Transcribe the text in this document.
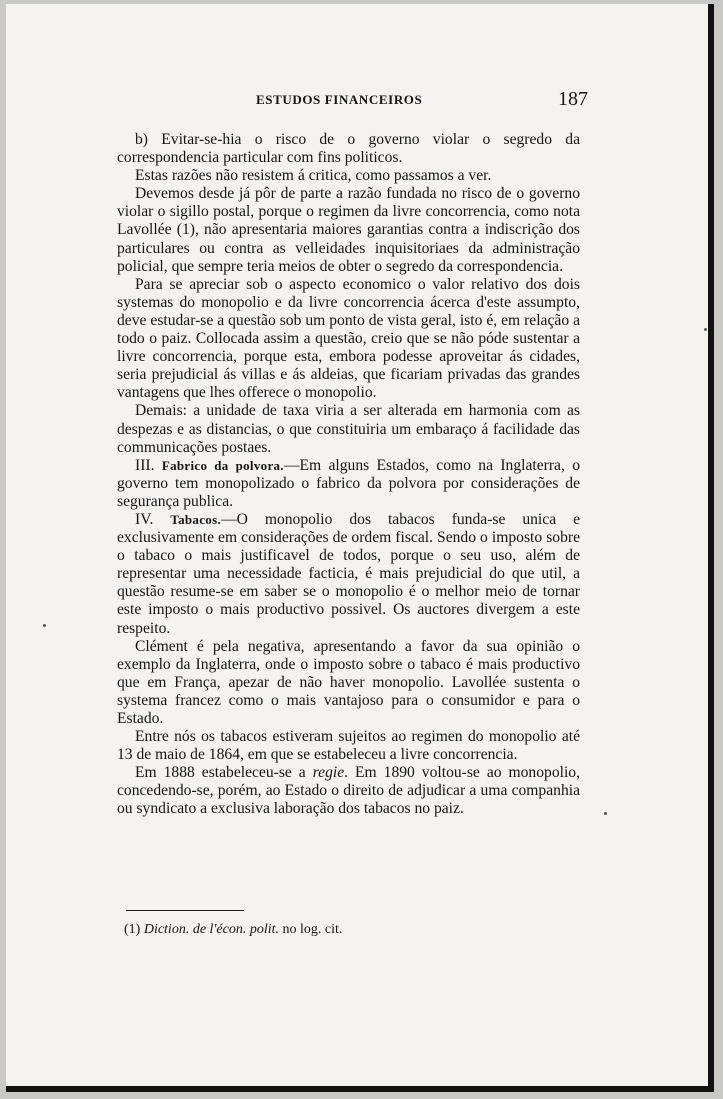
ESTUDOS FINANCEIROS	187

b) Evitar-se-hia o risco de o governo violar o segredo da correspondencia particular com fins politicos.

Estas razões não resistem á critica, como passamos a ver.

Devemos desde já pôr de parte a razão fundada no risco de o governo violar o sigillo postal, porque o regimen da livre concorrencia, como nota Lavollée (1), não apresentaria maiores garantias contra a indiscrição dos particulares ou contra as velleidades inquisitoriaes da administração policial, que sempre teria meios de obter o segredo da correspondencia.

Para se apreciar sob o aspecto economico o valor relativo dos dois systemas do monopolio e da livre concorrencia ácerca d'este assumpto, deve estudar-se a questão sob um ponto de vista geral, isto é, em relação a todo o paiz. Collocada assim a questão, creio que se não póde sustentar a livre concorrencia, porque esta, embora podesse aproveitar ás cidades, seria prejudicial ás villas e ás aldeias, que ficariam privadas das grandes vantagens que lhes offerece o monopolio.

Demais: a unidade de taxa viria a ser alterada em harmonia com as despezas e as distancias, o que constituiria um embaraço á facilidade das communicações postaes.

III. Fabrico da polvora.—Em alguns Estados, como na Inglaterra, o governo tem monopolizado o fabrico da polvora por considerações de segurança publica.

IV. Tabacos.—O monopolio dos tabacos funda-se unica e exclusivamente em considerações de ordem fiscal. Sendo o imposto sobre o tabaco o mais justificavel de todos, porque o seu uso, além de representar uma necessidade facticia, é mais prejudicial do que util, a questão resume-se em saber se o monopolio é o melhor meio de tornar este imposto o mais productivo possivel. Os auctores divergem a este respeito.

Clément é pela negativa, apresentando a favor da sua opinião o exemplo da Inglaterra, onde o imposto sobre o tabaco é mais productivo que em França, apezar de não haver monopolio. Lavollée sustenta o systema francez como o mais vantajoso para o consumidor e para o Estado.

Entre nós os tabacos estiveram sujeitos ao regimen do monopolio até 13 de maio de 1864, em que se estabeleceu a livre concorrencia.

Em 1888 estabeleceu-se a regie. Em 1890 voltou-se ao monopolio, concedendo-se, porém, ao Estado o direito de adjudicar a uma companhia ou syndicato a exclusiva laboração dos tabacos no paiz.

(1) Diction. de l'écon. polit. no log. cit.
